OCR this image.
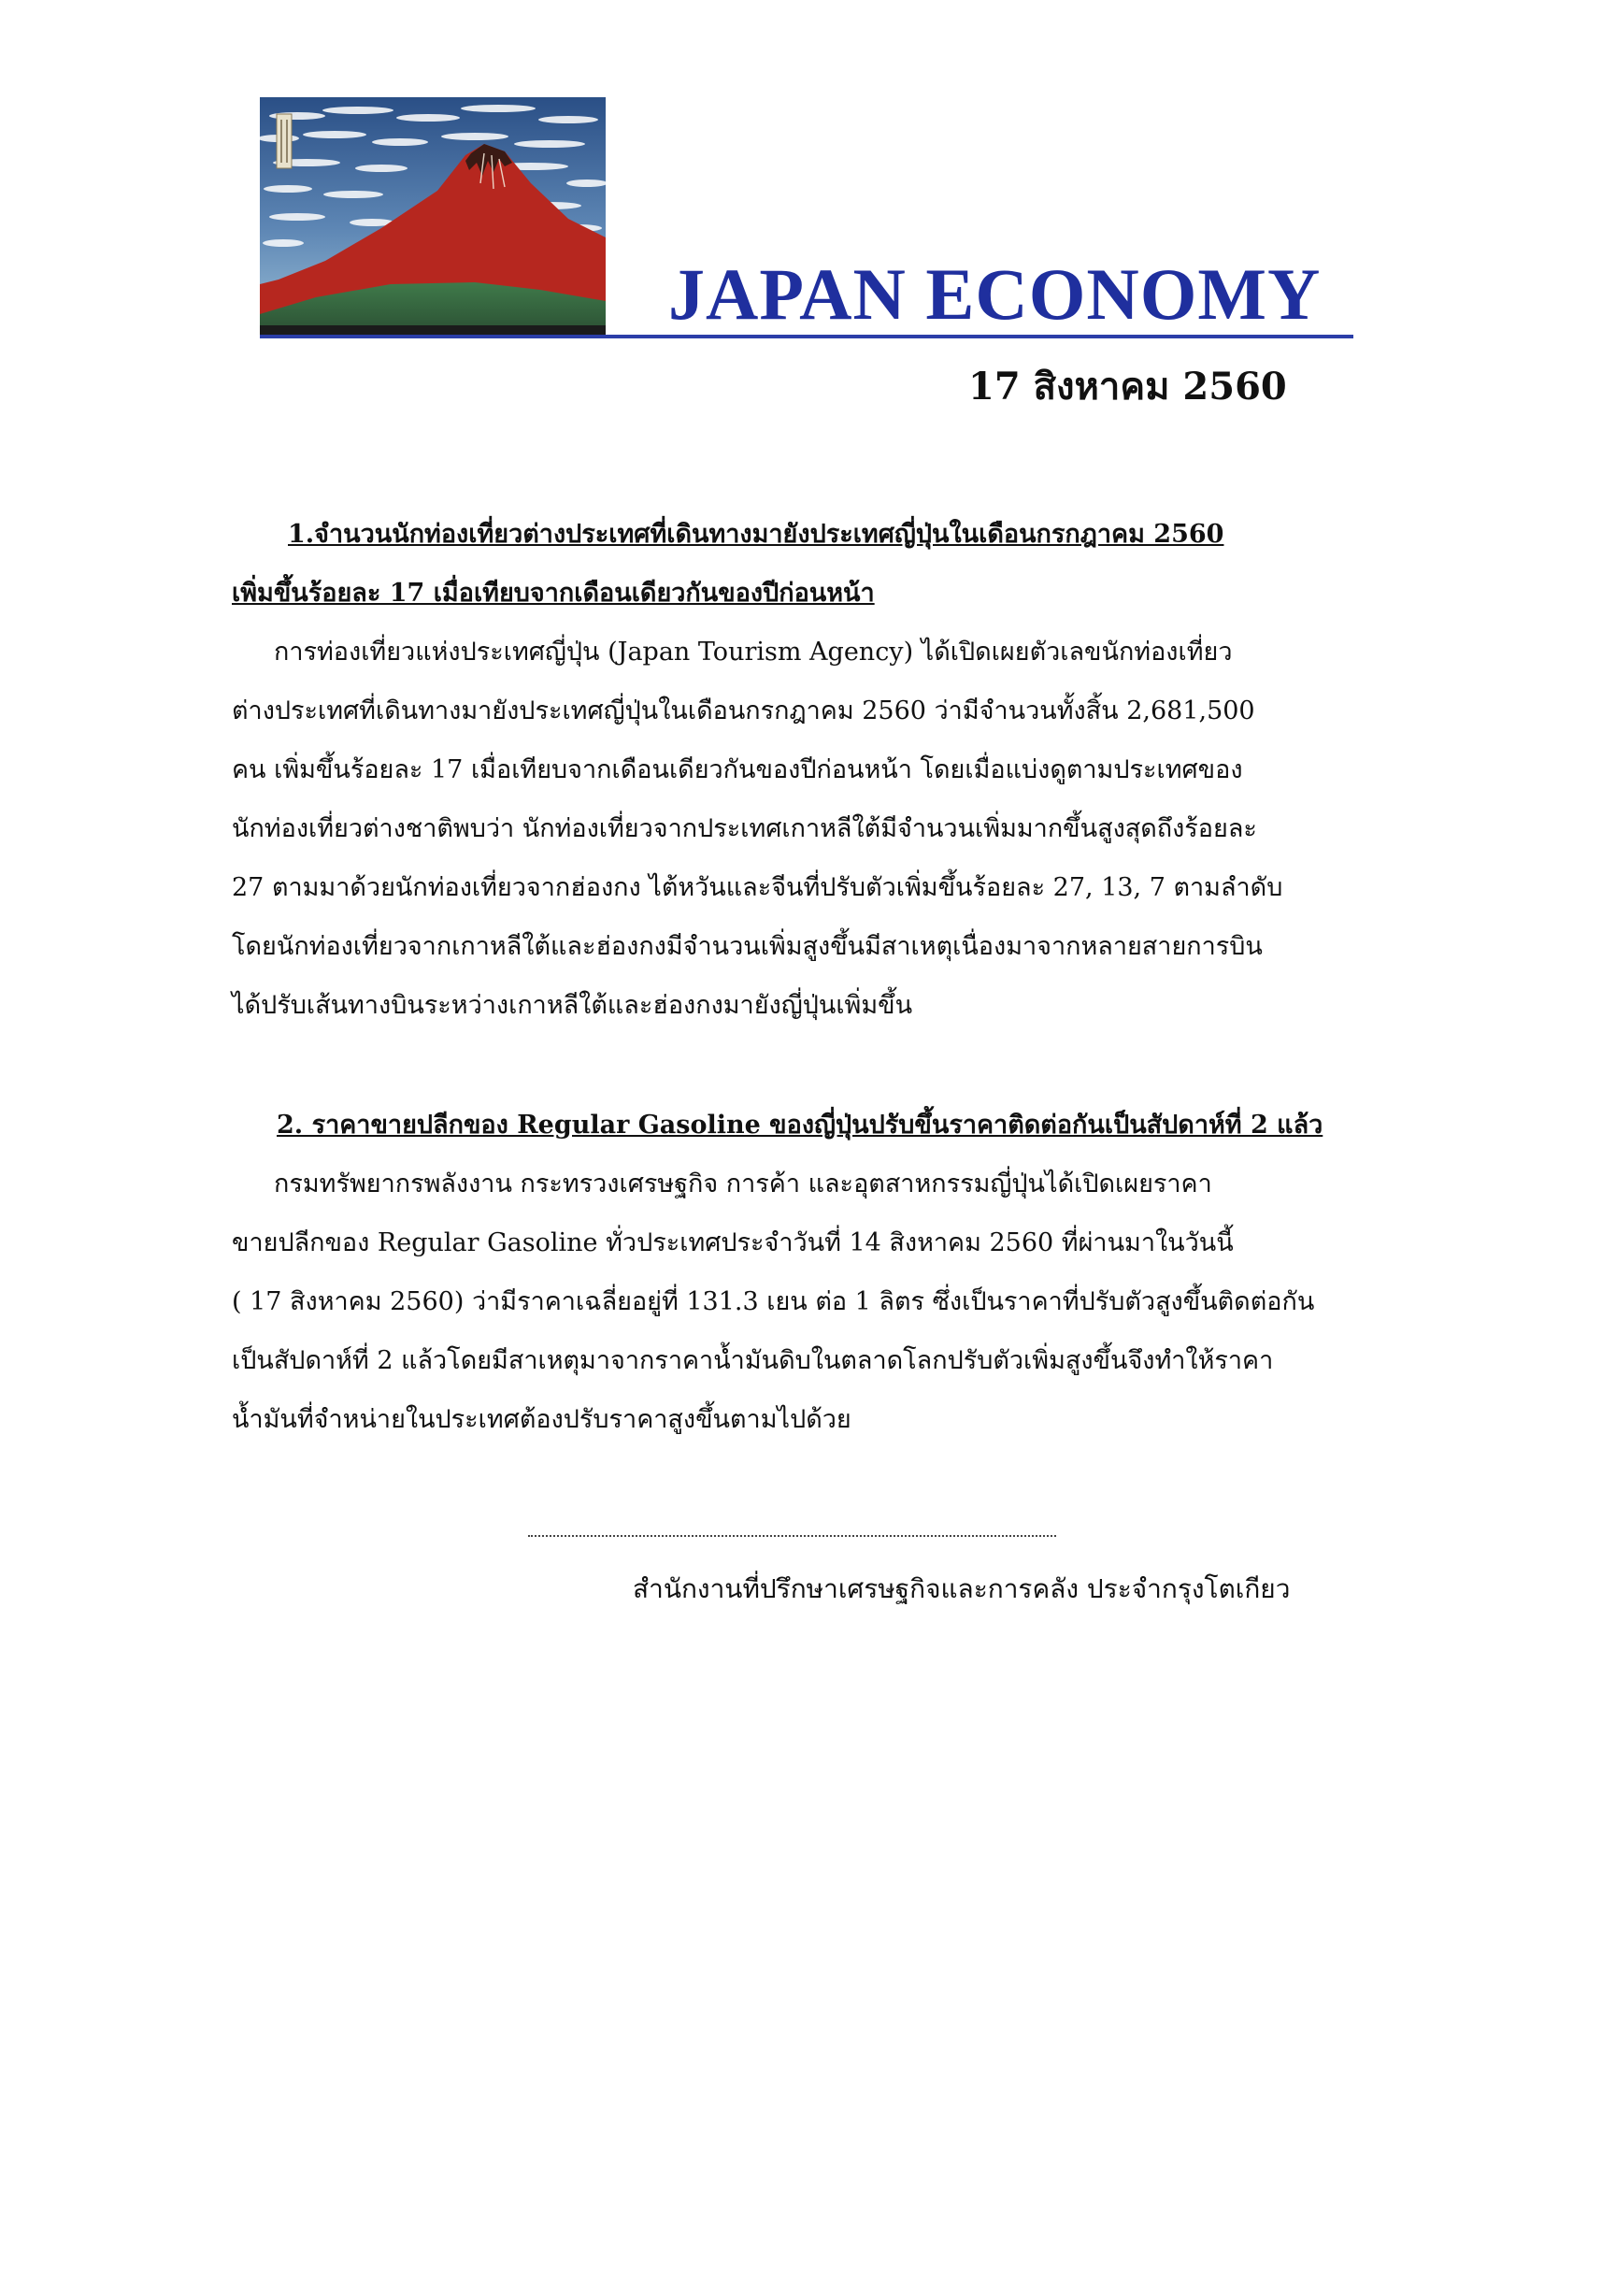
JAPAN ECONOMY
17 สิงหาคม 2560
1.จำนวนนักท่องเที่ยวต่างประเทศที่เดินทางมายังประเทศญี่ปุ่นในเดือนกรกฎาคม 2560
เพิ่มขึ้นร้อยละ 17 เมื่อเทียบจากเดือนเดียวกันของปีก่อนหน้า
การท่องเที่ยวแห่งประเทศญี่ปุ่น (Japan Tourism Agency) ได้เปิดเผยตัวเลขนักท่องเที่ยว
ต่างประเทศที่เดินทางมายังประเทศญี่ปุ่นในเดือนกรกฎาคม 2560 ว่ามีจำนวนทั้งสิ้น 2,681,500
คน เพิ่มขึ้นร้อยละ 17 เมื่อเทียบจากเดือนเดียวกันของปีก่อนหน้า โดยเมื่อแบ่งดูตามประเทศของ
นักท่องเที่ยวต่างชาติพบว่า นักท่องเที่ยวจากประเทศเกาหลีใต้มีจำนวนเพิ่มมากขึ้นสูงสุดถึงร้อยละ
27 ตามมาด้วยนักท่องเที่ยวจากฮ่องกง ไต้หวันและจีนที่ปรับตัวเพิ่มขึ้นร้อยละ 27, 13, 7 ตามลำดับ
โดยนักท่องเที่ยวจากเกาหลีใต้และฮ่องกงมีจำนวนเพิ่มสูงขึ้นมีสาเหตุเนื่องมาจากหลายสายการบิน
ได้ปรับเส้นทางบินระหว่างเกาหลีใต้และฮ่องกงมายังญี่ปุ่นเพิ่มขึ้น
2. ราคาขายปลีกของ Regular Gasoline ของญี่ปุ่นปรับขึ้นราคาติดต่อกันเป็นสัปดาห์ที่ 2 แล้ว
กรมทรัพยากรพลังงาน กระทรวงเศรษฐกิจ การค้า และอุตสาหกรรมญี่ปุ่นได้เปิดเผยราคา
ขายปลีกของ Regular Gasoline ทั่วประเทศประจำวันที่ 14 สิงหาคม 2560 ที่ผ่านมาในวันนี้
( 17 สิงหาคม 2560) ว่ามีราคาเฉลี่ยอยู่ที่ 131.3 เยน ต่อ 1 ลิตร ซึ่งเป็นราคาที่ปรับตัวสูงขึ้นติดต่อกัน
เป็นสัปดาห์ที่ 2 แล้วโดยมีสาเหตุมาจากราคาน้ำมันดิบในตลาดโลกปรับตัวเพิ่มสูงขึ้นจึงทำให้ราคา
น้ำมันที่จำหน่ายในประเทศต้องปรับราคาสูงขึ้นตามไปด้วย
สำนักงานที่ปรึกษาเศรษฐกิจและการคลัง ประจำกรุงโตเกียว
